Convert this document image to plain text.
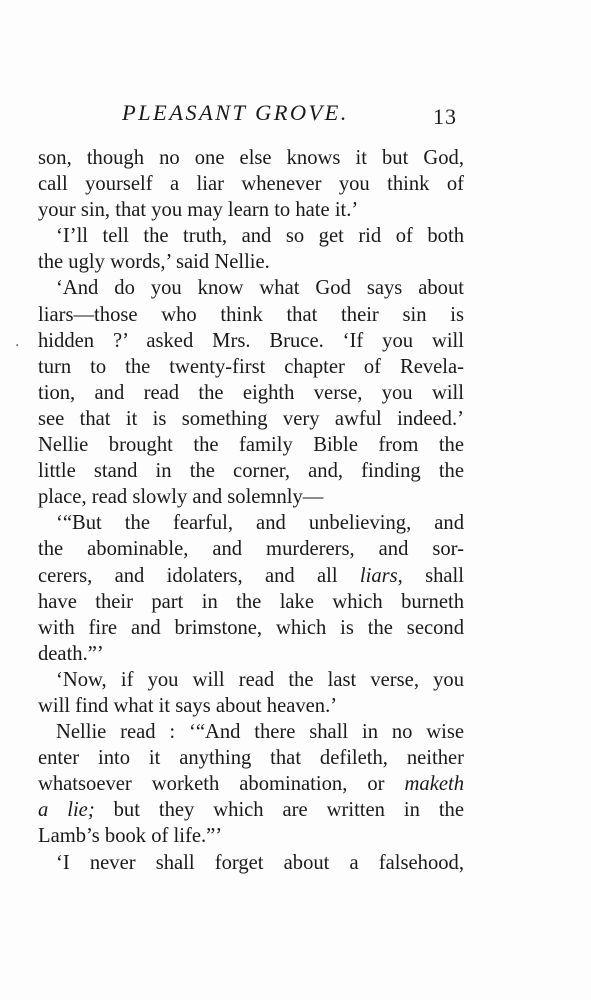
PLEASANT GROVE.	13
·
son, though no one else knows it but God,
call yourself a liar whenever you think of
your sin, that you may learn to hate it.’
‘I’ll tell the truth, and so get rid of both
the ugly words,’ said Nellie.
‘And do you know what God says about
liars—those who think that their sin is
hidden ?’ asked Mrs. Bruce. ‘If you will
turn to the twenty-first chapter of Revela-
tion, and read the eighth verse, you will
see that it is something very awful indeed.’
Nellie brought the family Bible from the
little stand in the corner, and, finding the
place, read slowly and solemnly—
‘“But the fearful, and unbelieving, and
the abominable, and murderers, and sor-
cerers, and idolaters, and all liars, shall
have their part in the lake which burneth
with fire and brimstone, which is the second
death.”’
‘Now, if you will read the last verse, you
will find what it says about heaven.’
Nellie read : ‘“And there shall in no wise
enter into it anything that defileth, neither
whatsoever worketh abomination, or maketh
a lie; but they which are written in the
Lamb’s book of life.”’
‘I never shall forget about a falsehood,
